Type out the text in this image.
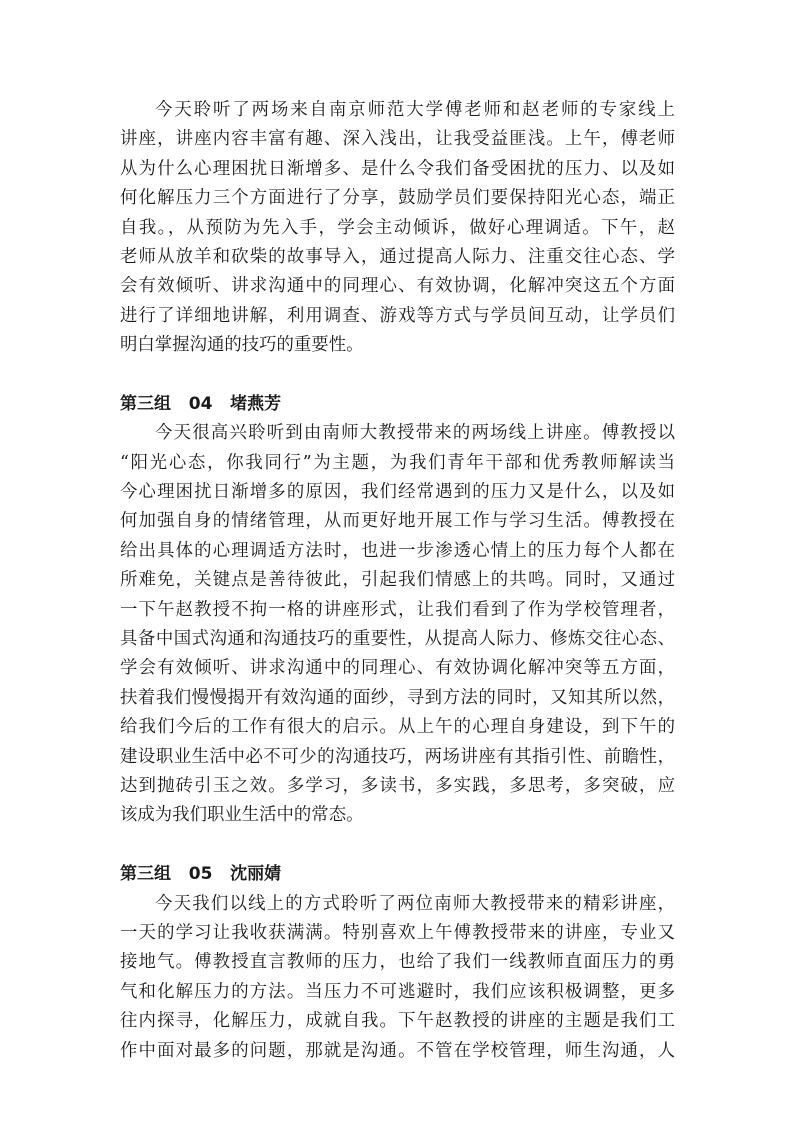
今天聆听了两场来自南京师范大学傅老师和赵老师的专家线上
讲座，讲座内容丰富有趣、深入浅出，让我受益匪浅。上午，傅老师
从为什么心理困扰日渐增多、是什么令我们备受困扰的压力、以及如
何化解压力三个方面进行了分享，鼓励学员们要保持阳光心态，端正
自我。，从预防为先入手，学会主动倾诉，做好心理调适。下午，赵
老师从放羊和砍柴的故事导入，通过提高人际力、注重交往心态、学
会有效倾听、讲求沟通中的同理心、有效协调，化解冲突这五个方面
进行了详细地讲解，利用调查、游戏等方式与学员间互动，让学员们
明白掌握沟通的技巧的重要性。
第三组   04   堵燕芳
今天很高兴聆听到由南师大教授带来的两场线上讲座。傅教授以
“阳光心态，你我同行”为主题，为我们青年干部和优秀教师解读当
今心理困扰日渐增多的原因，我们经常遇到的压力又是什么，以及如
何加强自身的情绪管理，从而更好地开展工作与学习生活。傅教授在
给出具体的心理调适方法时，也进一步渗透心情上的压力每个人都在
所难免，关键点是善待彼此，引起我们情感上的共鸣。同时，又通过
一下午赵教授不拘一格的讲座形式，让我们看到了作为学校管理者，
具备中国式沟通和沟通技巧的重要性，从提高人际力、修炼交往心态、
学会有效倾听、讲求沟通中的同理心、有效协调化解冲突等五方面，
扶着我们慢慢揭开有效沟通的面纱，寻到方法的同时，又知其所以然，
给我们今后的工作有很大的启示。从上午的心理自身建设，到下午的
建设职业生活中必不可少的沟通技巧，两场讲座有其指引性、前瞻性，
达到抛砖引玉之效。多学习，多读书，多实践，多思考，多突破，应
该成为我们职业生活中的常态。
第三组   05   沈丽婧
今天我们以线上的方式聆听了两位南师大教授带来的精彩讲座，
一天的学习让我收获满满。特别喜欢上午傅教授带来的讲座，专业又
接地气。傅教授直言教师的压力，也给了我们一线教师直面压力的勇
气和化解压力的方法。当压力不可逃避时，我们应该积极调整，更多
往内探寻，化解压力，成就自我。下午赵教授的讲座的主题是我们工
作中面对最多的问题，那就是沟通。不管在学校管理，师生沟通，人
